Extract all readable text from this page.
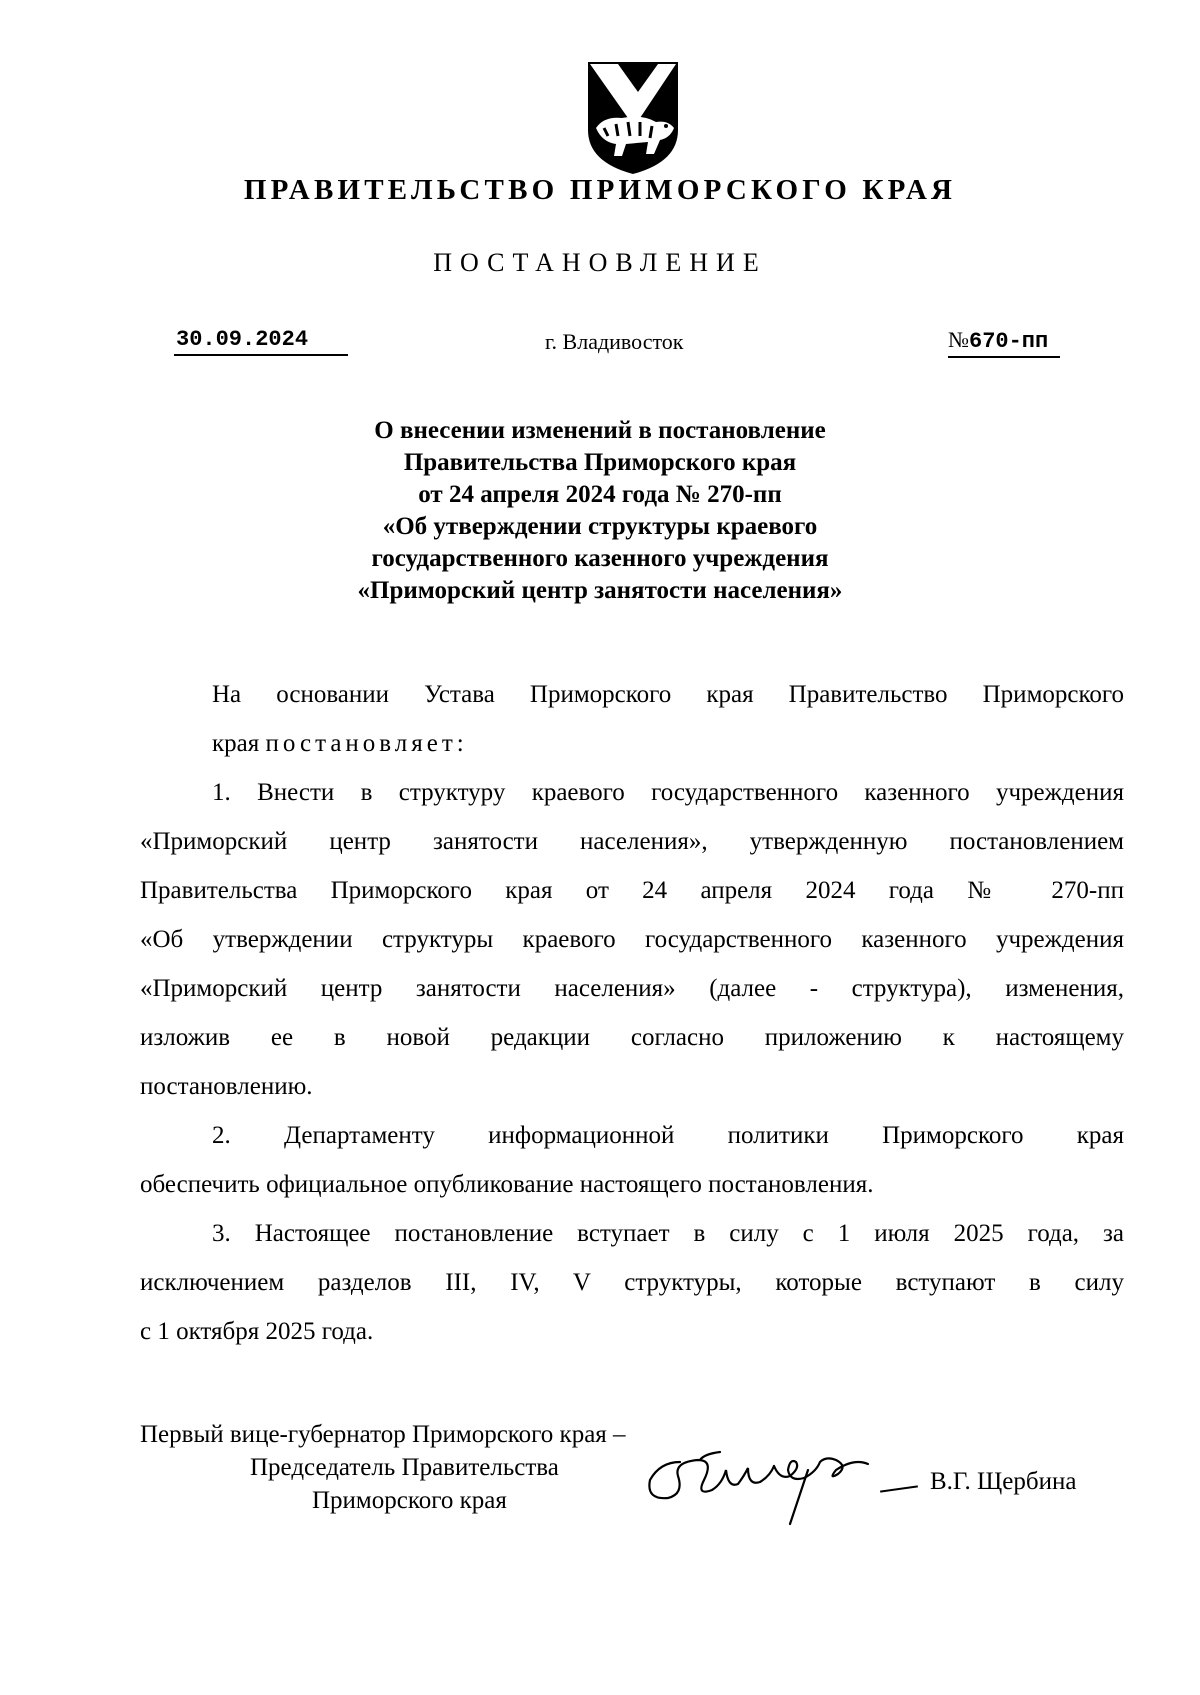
ПРАВИТЕЛЬСТВО ПРИМОРСКОГО КРАЯ
ПОСТАНОВЛЕНИЕ
30.09.2024	г. Владивосток	№670-пп
О внесении изменений в постановление
Правительства Приморского края
от 24 апреля 2024 года № 270-пп
«Об утверждении структуры краевого
государственного казенного учреждения
«Приморский центр занятости населения»

На основании Устава Приморского края Правительство Приморского
края постановляет:

1. Внести в структуру краевого государственного казенного учреждения
«Приморский центр занятости населения», утвержденную постановлением
Правительства Приморского края от 24 апреля 2024 года № 270-пп
«Об утверждении структуры краевого государственного казенного учреждения
«Приморский центр занятости населения» (далее - структура), изменения,
изложив ее в новой редакции согласно приложению к настоящему
постановлению.

2. Департаменту информационной политики Приморского края
обеспечить официальное опубликование настоящего постановления.

3. Настоящее постановление вступает в силу с 1 июля 2025 года, за
исключением разделов III, IV, V структуры, которые вступают в силу
с 1 октября 2025 года.

Первый вице-губернатор Приморского края –
Председатель Правительства
Приморского края
В.Г. Щербина
